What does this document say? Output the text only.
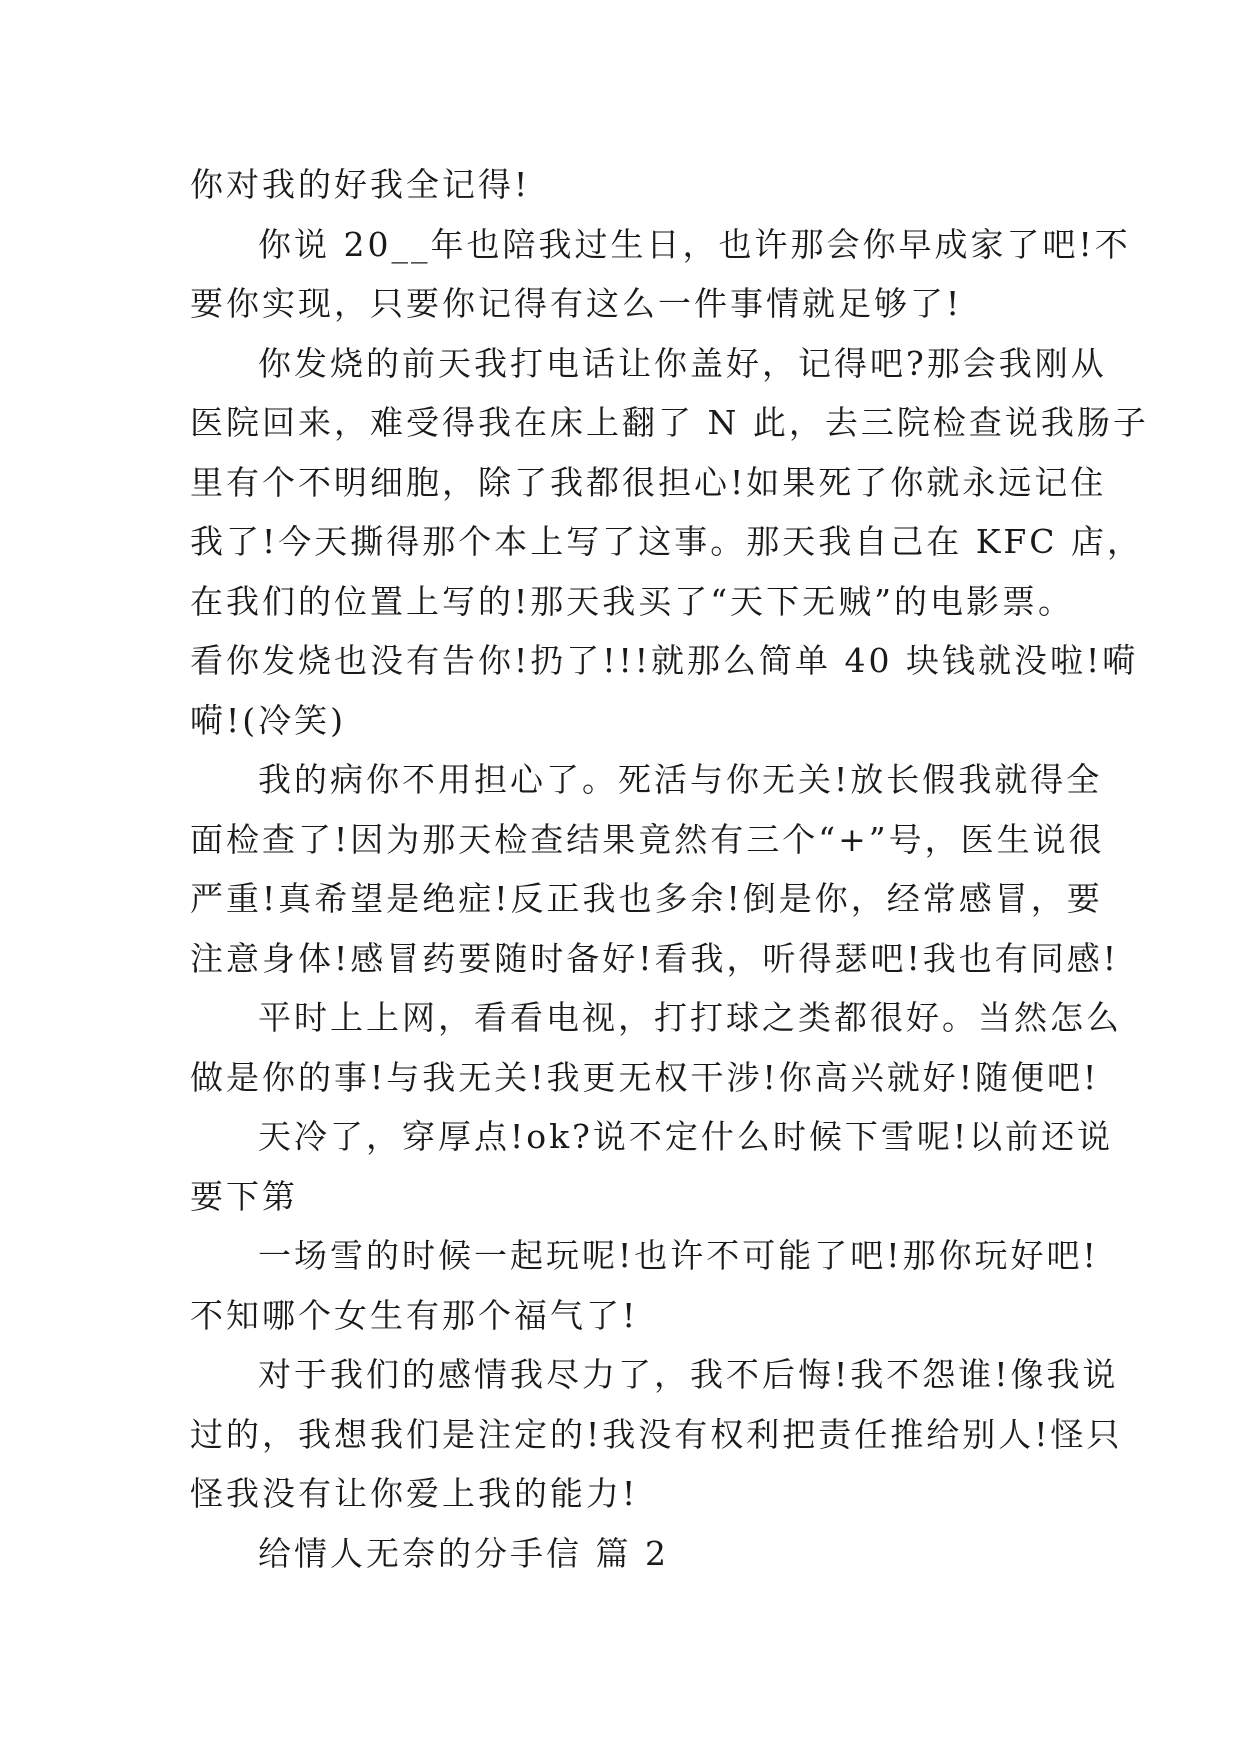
你对我的好我全记得!
你说 20__年也陪我过生日，也许那会你早成家了吧!不
要你实现，只要你记得有这么一件事情就足够了!
你发烧的前天我打电话让你盖好，记得吧?那会我刚从
医院回来，难受得我在床上翻了 N 此，去三院检查说我肠子
里有个不明细胞，除了我都很担心!如果死了你就永远记住
我了!今天撕得那个本上写了这事。那天我自己在 KFC 店，
在我们的位置上写的!那天我买了“天下无贼”的电影票。
看你发烧也没有告你!扔了!!!就那么简单 40 块钱就没啦!嗬
嗬!(冷笑)
我的病你不用担心了。死活与你无关!放长假我就得全
面检查了!因为那天检查结果竟然有三个“+”号，医生说很
严重!真希望是绝症!反正我也多余!倒是你，经常感冒，要
注意身体!感冒药要随时备好!看我，听得瑟吧!我也有同感!
平时上上网，看看电视，打打球之类都很好。当然怎么
做是你的事!与我无关!我更无权干涉!你高兴就好!随便吧!
天冷了，穿厚点!ok?说不定什么时候下雪呢!以前还说
要下第
一场雪的时候一起玩呢!也许不可能了吧!那你玩好吧!
不知哪个女生有那个福气了!
对于我们的感情我尽力了，我不后悔!我不怨谁!像我说
过的，我想我们是注定的!我没有权利把责任推给别人!怪只
怪我没有让你爱上我的能力!
给情人无奈的分手信 篇 2
